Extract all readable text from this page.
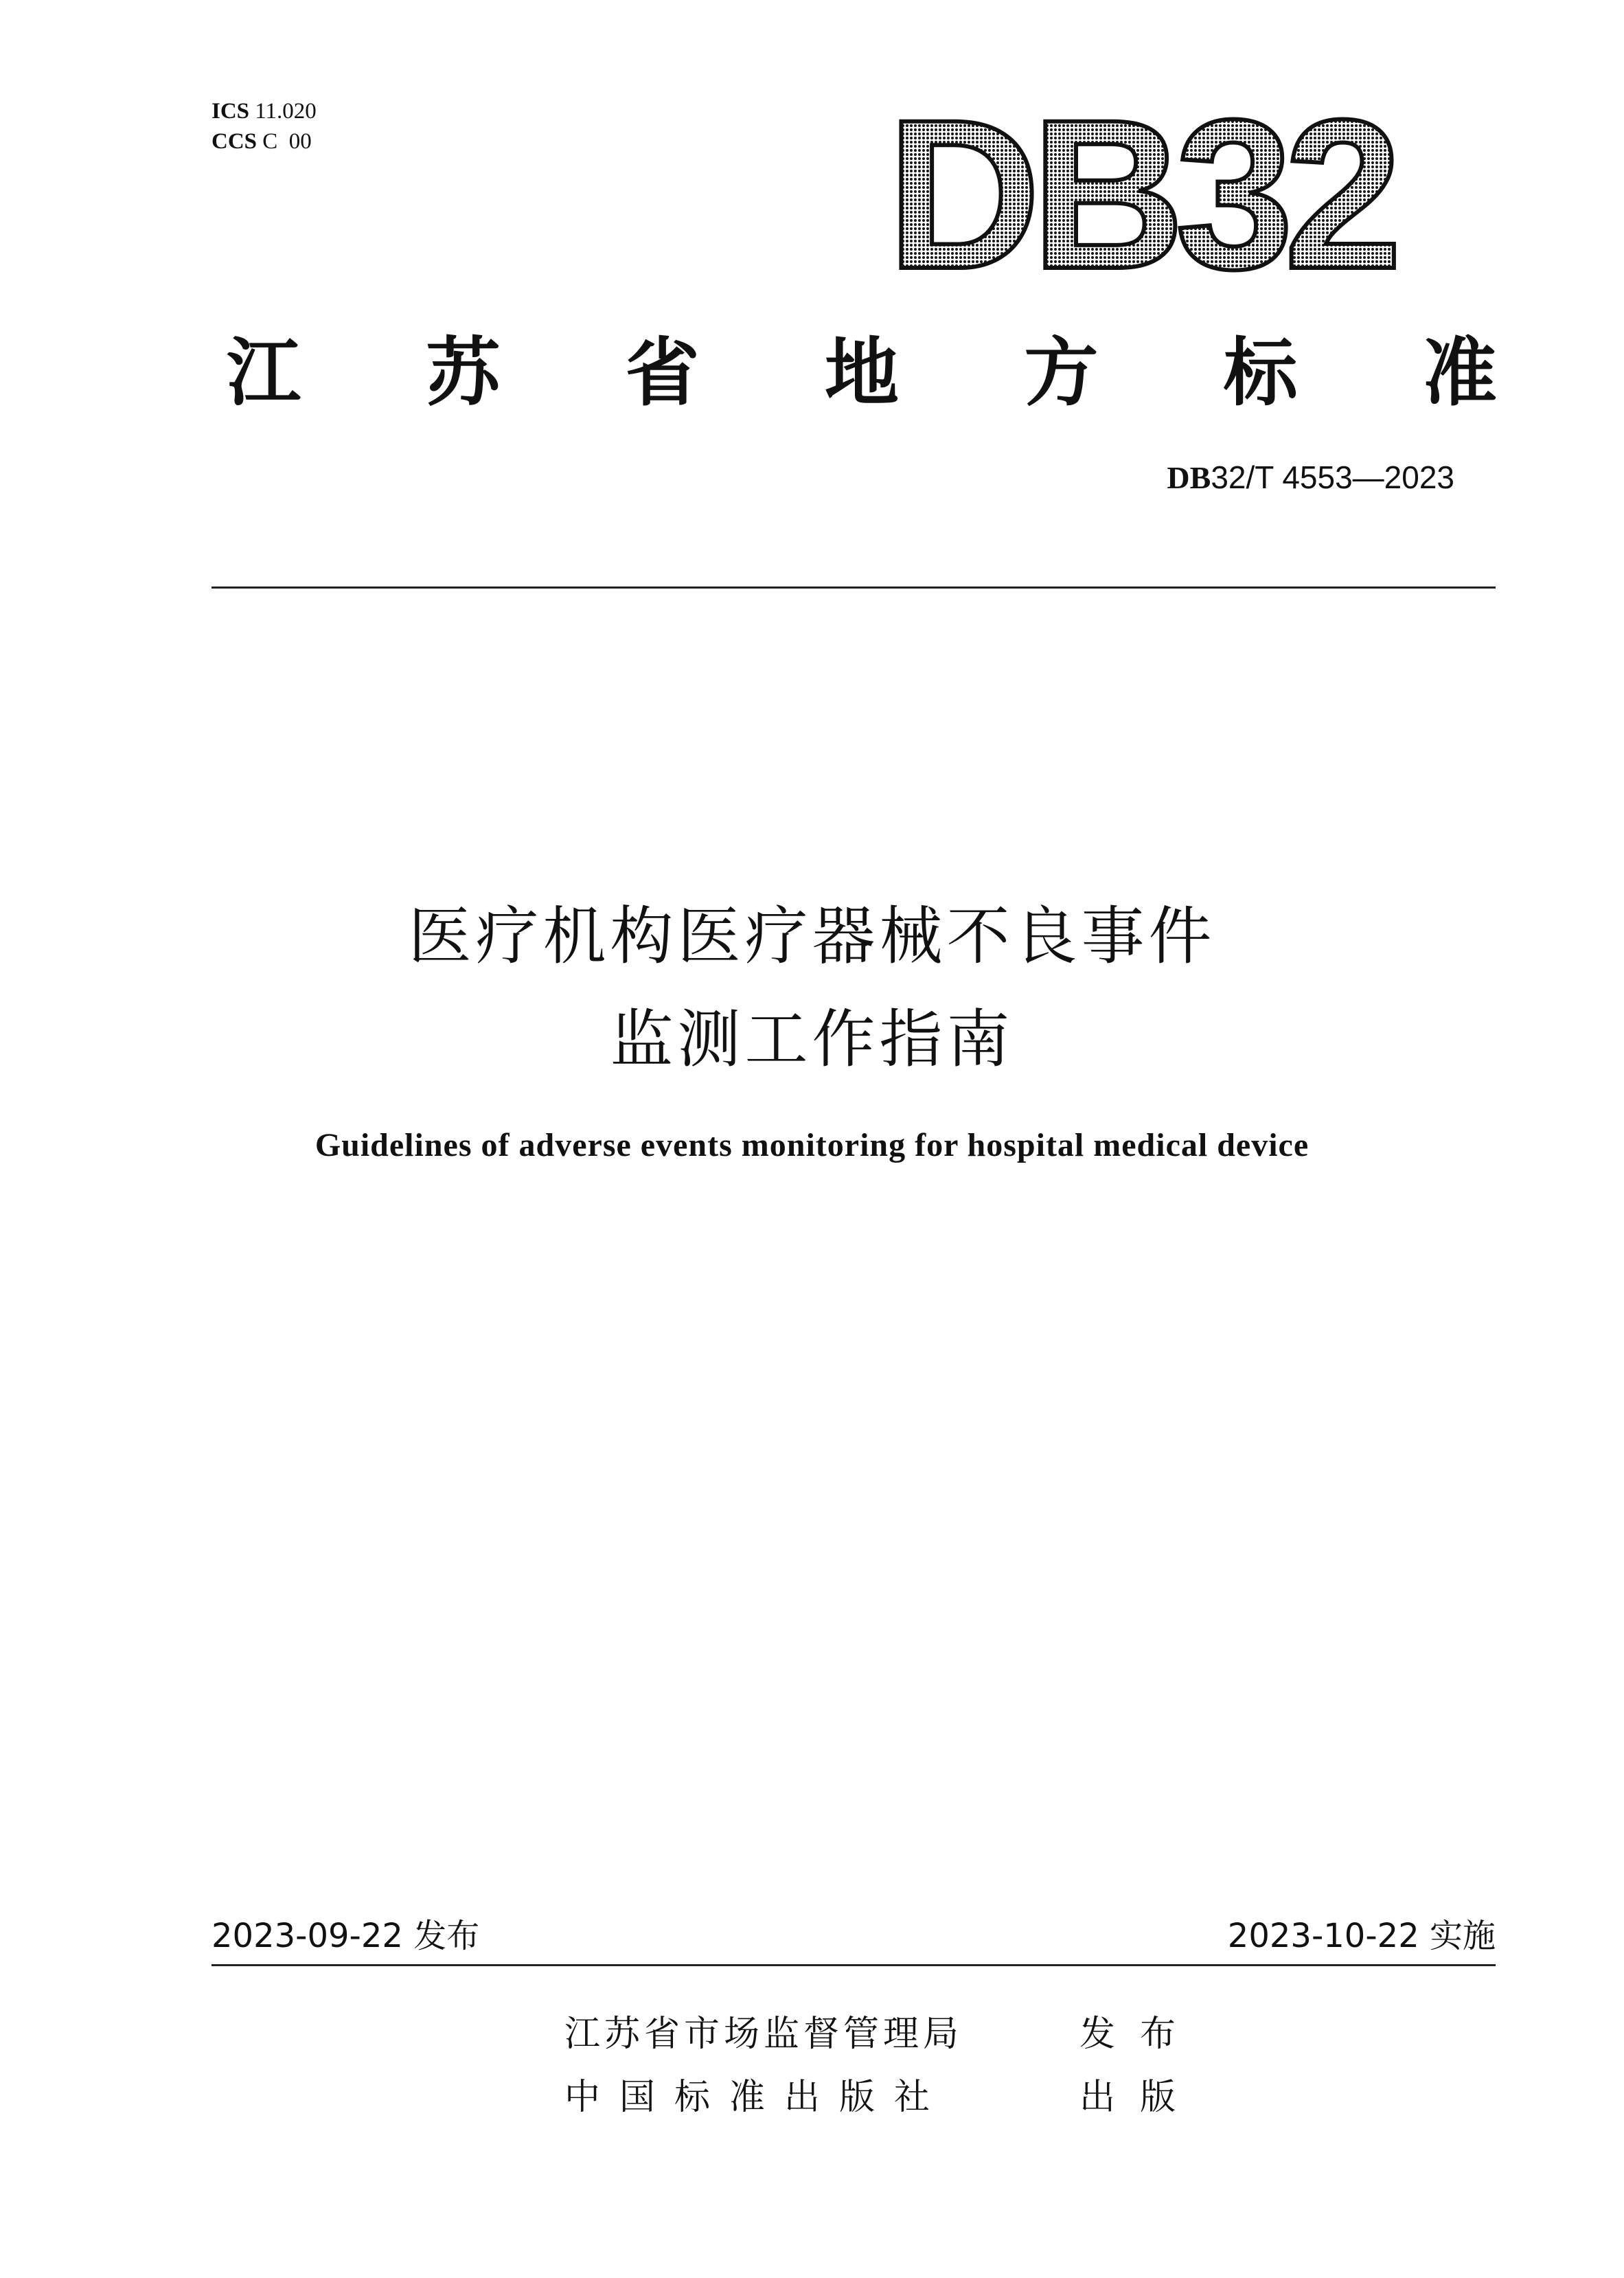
ICS 11.020
CCS C  00	DB32
江 苏 省 地 方 标 准
DB32/T 4553—2023
医疗机构医疗器械不良事件
监测工作指南
Guidelines of adverse events monitoring for hospital medical device
2023-09-22 发布	2023-10-22 实施
江苏省市场监督管理局	发布
中国标准出版社	出版
